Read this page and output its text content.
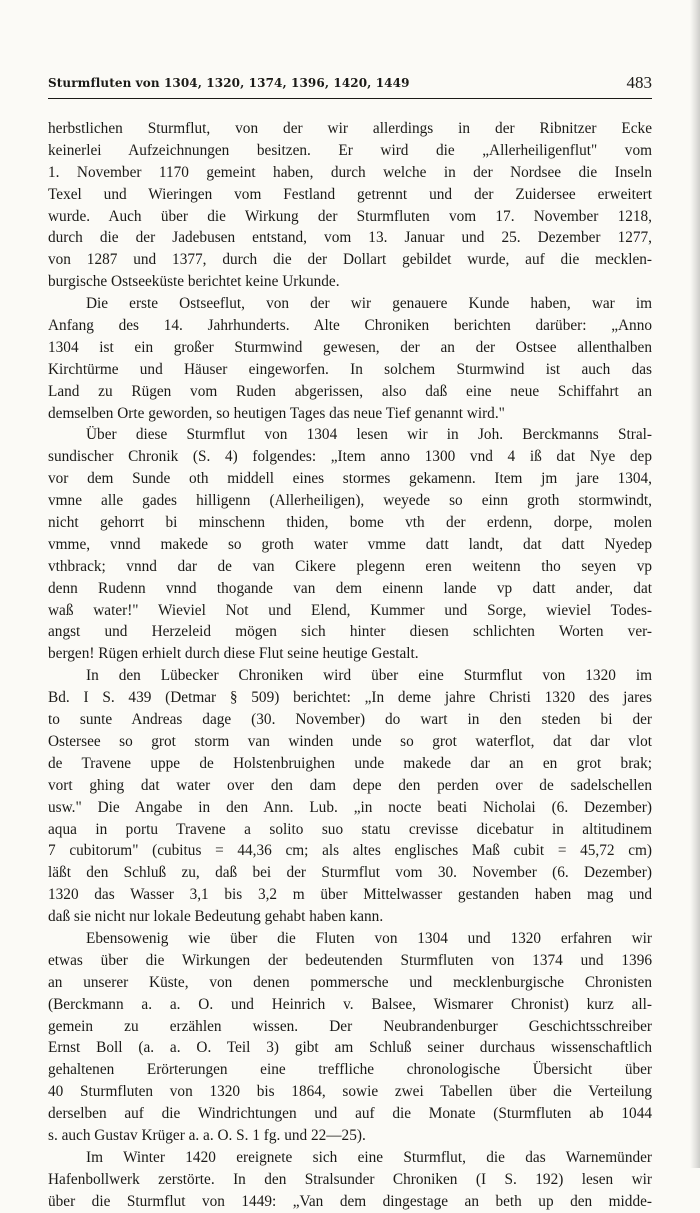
Sturmfluten von 1304, 1320, 1374, 1396, 1420, 1449	483
herbstlichen Sturmflut, von der wir allerdings in der Ribnitzer Ecke
keinerlei Aufzeichnungen besitzen. Er wird die „Allerheiligenflut" vom
1. November 1170 gemeint haben, durch welche in der Nordsee die Inseln
Texel und Wieringen vom Festland getrennt und der Zuidersee erweitert
wurde. Auch über die Wirkung der Sturmfluten vom 17. November 1218,
durch die der Jadebusen entstand, vom 13. Januar und 25. Dezember 1277,
von 1287 und 1377, durch die der Dollart gebildet wurde, auf die mecklen-
burgische Ostseeküste berichtet keine Urkunde.
Die erste Ostseeflut, von der wir genauere Kunde haben, war im
Anfang des 14. Jahrhunderts. Alte Chroniken berichten darüber: „Anno
1304 ist ein großer Sturmwind gewesen, der an der Ostsee allenthalben
Kirchtürme und Häuser eingeworfen. In solchem Sturmwind ist auch das
Land zu Rügen vom Ruden abgerissen, also daß eine neue Schiffahrt an
demselben Orte geworden, so heutigen Tages das neue Tief genannt wird."
Über diese Sturmflut von 1304 lesen wir in Joh. Berckmanns Stral-
sundischer Chronik (S. 4) folgendes: „Item anno 1300 vnd 4 iß dat Nye dep
vor dem Sunde oth middell eines stormes gekamenn. Item jm jare 1304,
vmne alle gades hilligenn (Allerheiligen), weyede so einn groth stormwindt,
nicht gehorrt bi minschenn thiden, bome vth der erdenn, dorpe, molen
vmme, vnnd makede so groth water vmme datt landt, dat datt Nyedep
vthbrack; vnnd dar de van Cikere plegenn eren weitenn tho seyen vp
denn Rudenn vnnd thogande van dem einenn lande vp datt ander, dat
waß water!" Wieviel Not und Elend, Kummer und Sorge, wieviel Todes-
angst und Herzeleid mögen sich hinter diesen schlichten Worten ver-
bergen! Rügen erhielt durch diese Flut seine heutige Gestalt.
In den Lübecker Chroniken wird über eine Sturmflut von 1320 im
Bd. I S. 439 (Detmar § 509) berichtet: „In deme jahre Christi 1320 des jares
to sunte Andreas dage (30. November) do wart in den steden bi der
Ostersee so grot storm van winden unde so grot waterflot, dat dar vlot
de Travene uppe de Holstenbruighen unde makede dar an en grot brak;
vort ghing dat water over den dam depe den perden over de sadelschellen
usw." Die Angabe in den Ann. Lub. „in nocte beati Nicholai (6. Dezember)
aqua in portu Travene a solito suo statu crevisse dicebatur in altitudinem
7 cubitorum" (cubitus = 44,36 cm; als altes englisches Maß cubit = 45,72 cm)
läßt den Schluß zu, daß bei der Sturmflut vom 30. November (6. Dezember)
1320 das Wasser 3,1 bis 3,2 m über Mittelwasser gestanden haben mag und
daß sie nicht nur lokale Bedeutung gehabt haben kann.
Ebensowenig wie über die Fluten von 1304 und 1320 erfahren wir
etwas über die Wirkungen der bedeutenden Sturmfluten von 1374 und 1396
an unserer Küste, von denen pommersche und mecklenburgische Chronisten
(Berckmann a. a. O. und Heinrich v. Balsee, Wismarer Chronist) kurz all-
gemein zu erzählen wissen. Der Neubrandenburger Geschichtsschreiber
Ernst Boll (a. a. O. Teil 3) gibt am Schluß seiner durchaus wissenschaftlich
gehaltenen Erörterungen eine treffliche chronologische Übersicht über
40 Sturmfluten von 1320 bis 1864, sowie zwei Tabellen über die Verteilung
derselben auf die Windrichtungen und auf die Monate (Sturmfluten ab 1044
s. auch Gustav Krüger a. a. O. S. 1 fg. und 22—25).
Im Winter 1420 ereignete sich eine Sturmflut, die das Warnemünder
Hafenbollwerk zerstörte. In den Stralsunder Chroniken (I S. 192) lesen wir
über die Sturmflut von 1449: „Van dem dingestage an beth up den midde-
